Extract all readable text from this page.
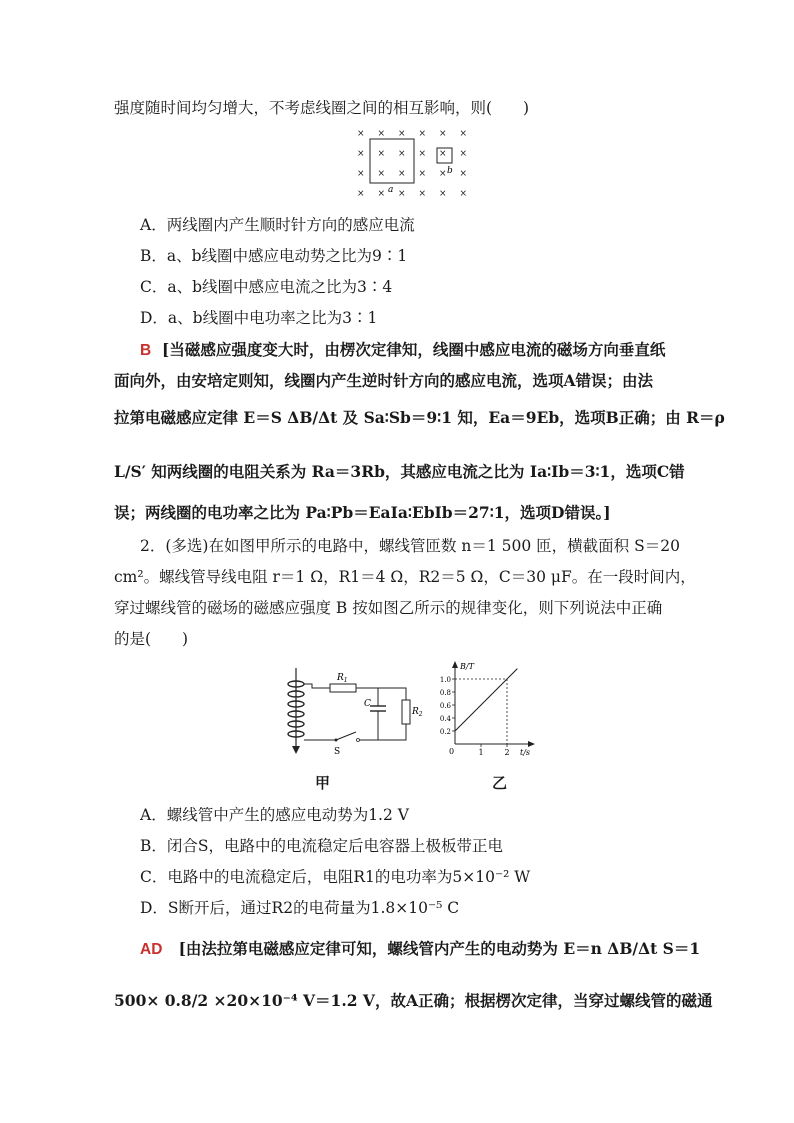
强度随时间均匀增大，不考虑线圈之间的相互影响，则(　　)
× × × × × ×
× × × × × ×
× × × × × ×
× × × × × ×
a
b
A．两线圈内产生顺时针方向的感应电流
B．a、b线圈中感应电动势之比为9∶1
C．a、b线圈中感应电流之比为3∶4
D．a、b线圈中电功率之比为3∶1
B [当磁感应强度变大时，由楞次定律知，线圈中感应电流的磁场方向垂直纸
面向外，由安培定则知，线圈内产生逆时针方向的感应电流，选项A错误；由法
拉第电磁感应定律 E＝S ΔB/Δt 及 Sa∶Sb＝9∶1 知，Ea＝9Eb，选项B正确；由 R＝ρ
L/S′ 知两线圈的电阻关系为 Ra＝3Rb，其感应电流之比为 Ia∶Ib＝3∶1，选项C错
误；两线圈的电功率之比为 Pa∶Pb＝EaIa∶EbIb＝27∶1，选项D错误。]
2．(多选)在如图甲所示的电路中，螺线管匝数 n＝1 500 匝，横截面积 S＝20
cm²。螺线管导线电阻 r＝1 Ω，R1＝4 Ω，R2＝5 Ω，C＝30 μF。在一段时间内，
穿过螺线管的磁场的磁感应强度 B 按如图乙所示的规律变化，则下列说法中正确
的是(　　)
$R_1$
$R_2$
C
S
甲
B/T
t/s
0
0.2
0.4
0.6
0.8
1.0
1	2
乙
A．螺线管中产生的感应电动势为1.2 V
B．闭合S，电路中的电流稳定后电容器上极板带正电
C．电路中的电流稳定后，电阻R1的电功率为5×10⁻² W
D．S断开后，通过R2的电荷量为1.8×10⁻⁵ C
AD [由法拉第电磁感应定律可知，螺线管内产生的电动势为 E＝n ΔB/Δt S＝1
500× 0.8/2 ×20×10⁻⁴ V＝1.2 V，故A正确；根据楞次定律，当穿过螺线管的磁通
